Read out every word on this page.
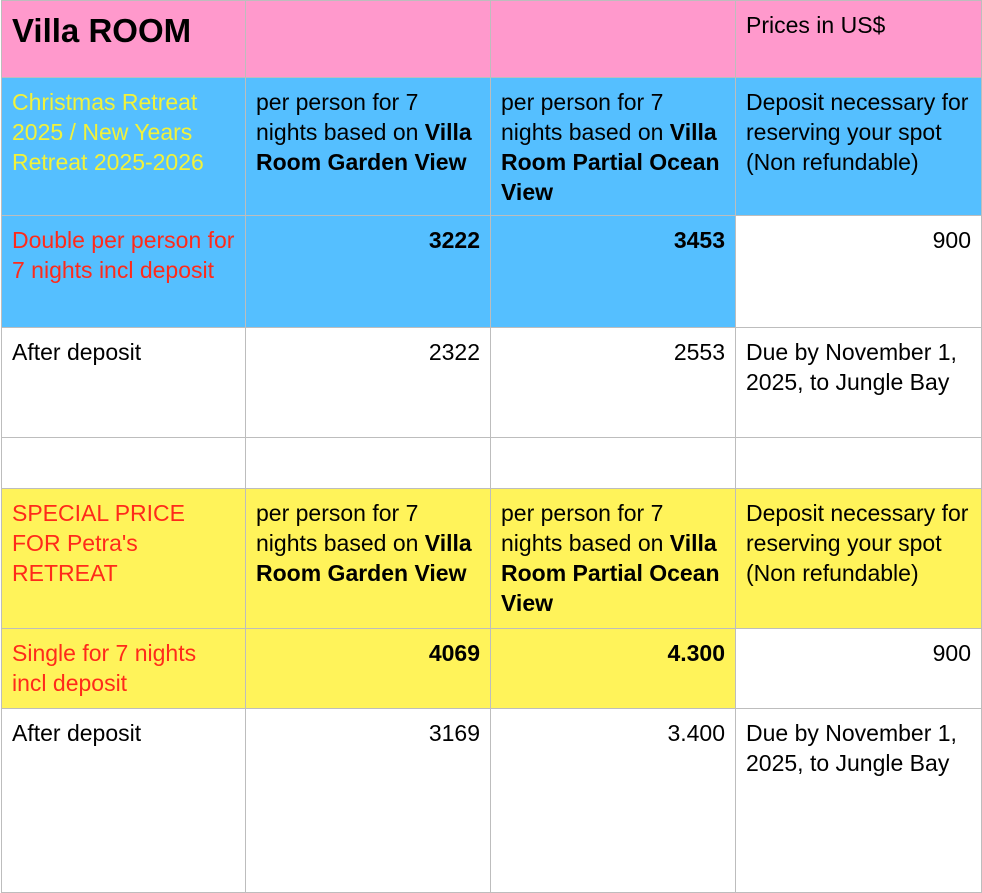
Villa ROOM			Prices in US$
Christmas Retreat 2025 / New Years Retreat 2025-2026	per person for 7 nights based on Villa Room Garden View	per person for 7 nights based on Villa Room Partial Ocean View	Deposit necessary for reserving your spot (Non refundable)
Double per person for 7 nights incl deposit	3222	3453	900
After deposit	2322	2553	Due by November 1, 2025, to Jungle Bay

SPECIAL PRICE FOR Petra's RETREAT	per person for 7 nights based on Villa Room Garden View	per person for 7 nights based on Villa Room Partial Ocean View	Deposit necessary for reserving your spot (Non refundable)
Single for 7 nights incl deposit	4069	4.300	900
After deposit	3169	3.400	Due by November 1, 2025, to Jungle Bay
